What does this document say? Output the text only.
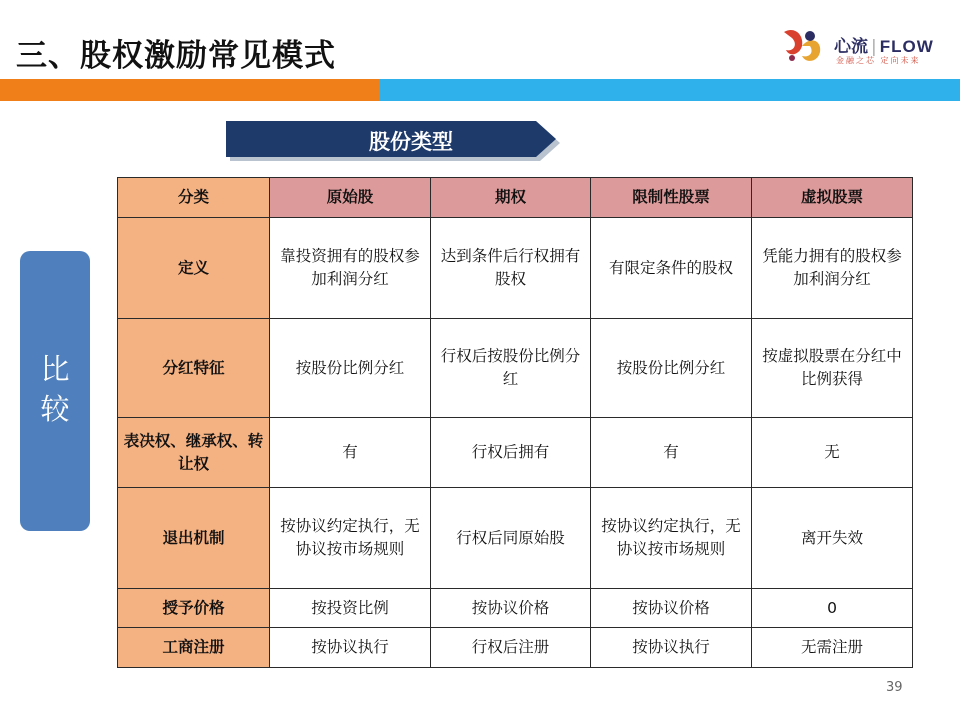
三、股权激励常见模式	心流 | FLOW
金融之芯 定向未来
股份类型
比
较
分类	原始股	期权	限制性股票	虚拟股票
定义	靠投资拥有的股权参加利润分红	达到条件后行权拥有股权	有限定条件的股权	凭能力拥有的股权参加利润分红
分红特征	按股份比例分红	行权后按股份比例分红	按股份比例分红	按虚拟股票在分红中比例获得
表决权、继承权、转让权	有	行权后拥有	有	无
退出机制	按协议约定执行，无协议按市场规则	行权后同原始股	按协议约定执行，无协议按市场规则	离开失效
授予价格	按投资比例	按协议价格	按协议价格	0
工商注册	按协议执行	行权后注册	按协议执行	无需注册
39
